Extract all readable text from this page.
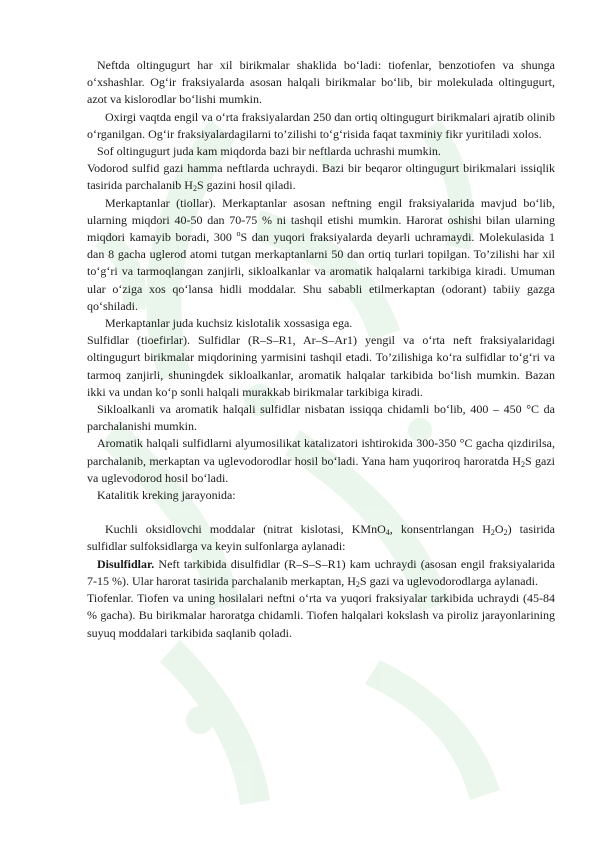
Neftda oltingugurt har xil birikmalar shaklida bo‘ladi: tiofenlar, benzotiofen va shunga o‘xshashlar. Og‘ir fraksiyalarda asosan halqali birikmalar bo‘lib, bir molekulada oltingugurt, azot va kislorodlar bo‘lishi mumkin.

Oxirgi vaqtda engil va o‘rta fraksiyalardan 250 dan ortiq oltingugurt birikmalari ajratib olinib o‘rganilgan. Og‘ir fraksiyalardagilarni to’zilishi to‘g‘risida faqat taxminiy fikr yuritiladi xolos.

Sof oltingugurt juda kam miqdorda bazi bir neftlarda uchrashi mumkin.

Vodorod sulfid gazi hamma neftlarda uchraydi. Bazi bir beqaror oltingugurt birikmalari issiqlik tasirida parchalanib $H_2S$ gazini hosil qiladi.

Merkaptanlar (tiollar). Merkaptanlar asosan neftning engil fraksiyalarida mavjud bo‘lib, ularning miqdori 40-50 dan 70-75 % ni tashqil etishi mumkin. Harorat oshishi bilan ularning miqdori kamayib boradi, 300 $^o$S dan yuqori fraksiyalarda deyarli uchramaydi. Molekulasida 1 dan 8 gacha uglerod atomi tutgan merkaptanlarni 50 dan ortiq turlari topilgan. To’zilishi har xil to‘g‘ri va tarmoqlangan zanjirli, sikloalkanlar va aromatik halqalarni tarkibiga kiradi. Umuman ular o‘ziga xos qo‘lansa hidli moddalar. Shu sababli etilmerkaptan (odorant) tabiiy gazga qo‘shiladi.

Merkaptanlar juda kuchsiz kislotalik xossasiga ega.

Sulfidlar (tioefirlar). Sulfidlar (R–S–R1, Ar–S–Ar1) yengil va o‘rta neft fraksiyalaridagi oltingugurt birikmalar miqdorining yarmisini tashqil etadi. To’zilishiga ko‘ra sulfidlar to‘g‘ri va tarmoq zanjirli, shuningdek sikloalkanlar, aromatik halqalar tarkibida bo‘lish mumkin. Bazan ikki va undan ko‘p sonli halqali murakkab birikmalar tarkibiga kiradi.

Sikloalkanli va aromatik halqali sulfidlar nisbatan issiqqa chidamli bo‘lib, 400 – 450 °C da parchalanishi mumkin.

Aromatik halqali sulfidlarni alyumosilikat katalizatori ishtirokida 300-350 °C gacha qizdirilsa, parchalanib, merkaptan va uglevodorodlar hosil bo‘ladi. Yana ham yuqoriroq haroratda $H_2S$ gazi va uglevodorod hosil bo‘ladi.

Katalitik kreking jarayonida:

Kuchli oksidlovchi moddalar (nitrat kislotasi, KMnO$_4$, konsentrlangan $H_2O_2$) tasirida sulfidlar sulfoksidlarga va keyin sulfonlarga aylanadi:

Disulfidlar. Neft tarkibida disulfidlar (R–S–S–R1) kam uchraydi (asosan engil fraksiyalarida 7-15 %). Ular harorat tasirida parchalanib merkaptan, $H_2S$ gazi va uglevodorodlarga aylanadi.

Tiofenlar. Tiofen va uning hosilalari neftni o‘rta va yuqori fraksiyalar tarkibida uchraydi (45-84 % gacha). Bu birikmalar haroratga chidamli. Tiofen halqalari kokslash va piroliz jarayonlarining suyuq moddalari tarkibida saqlanib qoladi.
